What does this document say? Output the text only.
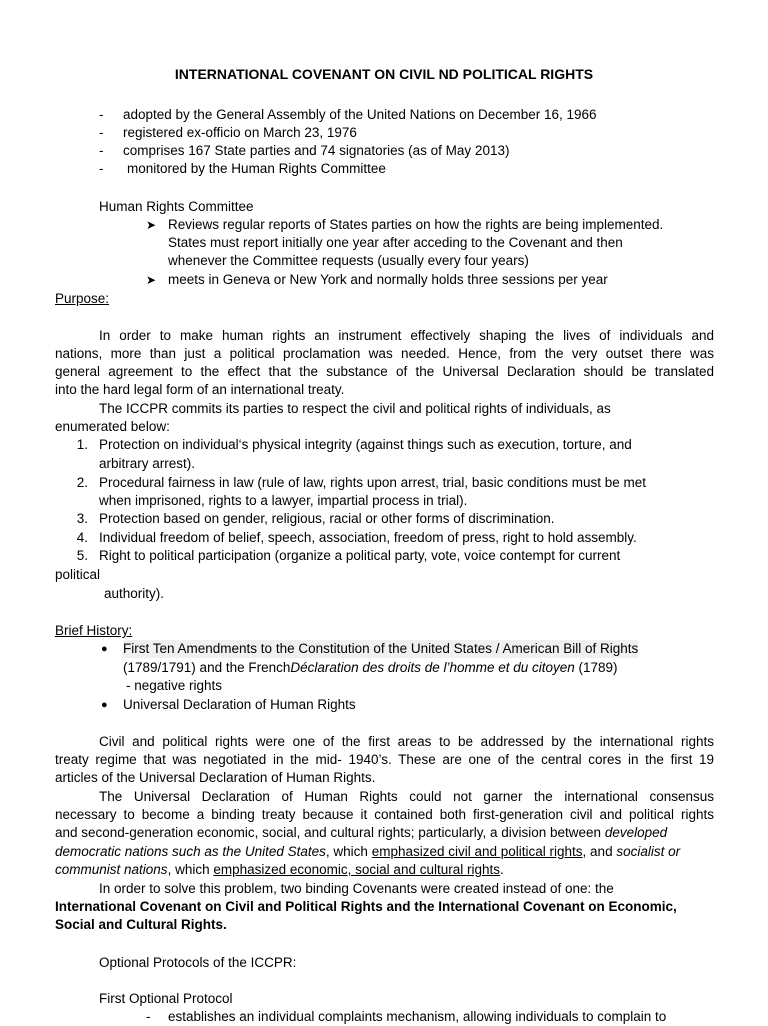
INTERNATIONAL COVENANT ON CIVIL ND POLITICAL RIGHTS
- adopted by the General Assembly of the United Nations on December 16, 1966
- registered ex-officio on March 23, 1976
- comprises 167 State parties and 74 signatories (as of May 2013)
- monitored by the Human Rights Committee
Human Rights Committee
➤ Reviews regular reports of States parties on how the rights are being implemented.
States must report initially one year after acceding to the Covenant and then
whenever the Committee requests (usually every four years)
➤ meets in Geneva or New York and normally holds three sessions per year
Purpose:
In order to make human rights an instrument effectively shaping the lives of individuals and
nations, more than just a political proclamation was needed. Hence, from the very outset there was
general agreement to the effect that the substance of the Universal Declaration should be translated
into the hard legal form of an international treaty.
The ICCPR commits its parties to respect the civil and political rights of individuals, as
enumerated below:
1. Protection on individual‘s physical integrity (against things such as execution, torture, and
arbitrary arrest).
2. Procedural fairness in law (rule of law, rights upon arrest, trial, basic conditions must be met
when imprisoned, rights to a lawyer, impartial process in trial).
3. Protection based on gender, religious, racial or other forms of discrimination.
4. Individual freedom of belief, speech, association, freedom of press, right to hold assembly.
5. Right to political participation (organize a political party, vote, voice contempt for current
political
authority).
Brief History:
● First Ten Amendments to the Constitution of the United States / American Bill of Rights
(1789/1791) and the FrenchDéclaration des droits de l’homme et du citoyen (1789)
- negative rights
● Universal Declaration of Human Rights
Civil and political rights were one of the first areas to be addressed by the international rights
treaty regime that was negotiated in the mid- 1940’s. These are one of the central cores in the first 19
articles of the Universal Declaration of Human Rights.
The Universal Declaration of Human Rights could not garner the international consensus
necessary to become a binding treaty because it contained both first-generation civil and political rights
and second-generation economic, social, and cultural rights; particularly, a division between developed
democratic nations such as the United States, which emphasized civil and political rights, and socialist or
communist nations, which emphasized economic, social and cultural rights.
In order to solve this problem, two binding Covenants were created instead of one: the
International Covenant on Civil and Political Rights and the International Covenant on Economic,
Social and Cultural Rights.
Optional Protocols of the ICCPR:
First Optional Protocol
- establishes an individual complaints mechanism, allowing individuals to complain to
